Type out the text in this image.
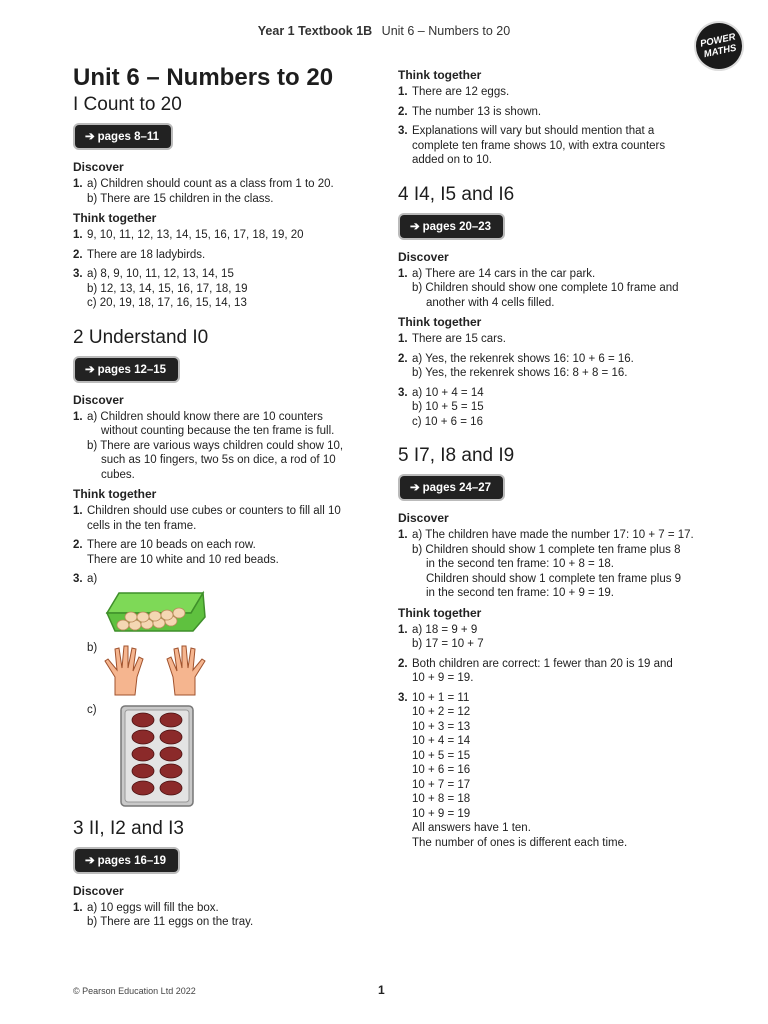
Year 1 Textbook 1B Unit 6 – Numbers to 20
POWER MATHS
Unit 6 – Numbers to 20
I Count to 20
➔ pages 8–11

Discover

1. a) Children should count as a class from 1 to 20.

b) There are 15 children in the class.

Think together

1. 9, 10, 11, 12, 13, 14, 15, 16, 17, 18, 19, 20

2. There are 18 ladybirds.

3. a) 8, 9, 10, 11, 12, 13, 14, 15

b) 12, 13, 14, 15, 16, 17, 18, 19

c) 20, 19, 18, 17, 16, 15, 14, 13

2 Understand I0
➔ pages 12–15

Discover

1. a) Children should know there are 10 counters

without counting because the ten frame is full.

b) There are various ways children could show 10,

such as 10 fingers, two 5s on dice, a rod of 10

cubes.

Think together

1. Children should use cubes or counters to fill all 10

cells in the ten frame.

2. There are 10 beads on each row.

There are 10 white and 10 red beads.

3. a)

b)

c)

3 II, I2 and I3
➔ pages 16–19

Discover

1. a) 10 eggs will fill the box.

b) There are 11 eggs on the tray.

Think together

1. There are 12 eggs.

2. The number 13 is shown.

3. Explanations will vary but should mention that a

complete ten frame shows 10, with extra counters

added on to 10.

4 I4, I5 and I6
➔ pages 20–23

Discover

1. a) There are 14 cars in the car park.

b) Children should show one complete 10 frame and

another with 4 cells filled.

Think together

1. There are 15 cars.

2. a) Yes, the rekenrek shows 16: 10 + 6 = 16.

b) Yes, the rekenrek shows 16: 8 + 8 = 16.

3. a) 10 + 4 = 14

b) 10 + 5 = 15

c) 10 + 6 = 16

5 I7, I8 and I9
➔ pages 24–27

Discover

1. a) The children have made the number 17: 10 + 7 = 17.

b) Children should show 1 complete ten frame plus 8

in the second ten frame: 10 + 8 = 18.

Children should show 1 complete ten frame plus 9

in the second ten frame: 10 + 9 = 19.

Think together

1. a) 18 = 9 + 9

b) 17 = 10 + 7

2. Both children are correct: 1 fewer than 20 is 19 and

10 + 9 = 19.

3. 10 + 1 = 11

10 + 2 = 12

10 + 3 = 13

10 + 4 = 14

10 + 5 = 15

10 + 6 = 16

10 + 7 = 17

10 + 8 = 18

10 + 9 = 19

All answers have 1 ten.

The number of ones is different each time.

© Pearson Education Ltd 2022	1
